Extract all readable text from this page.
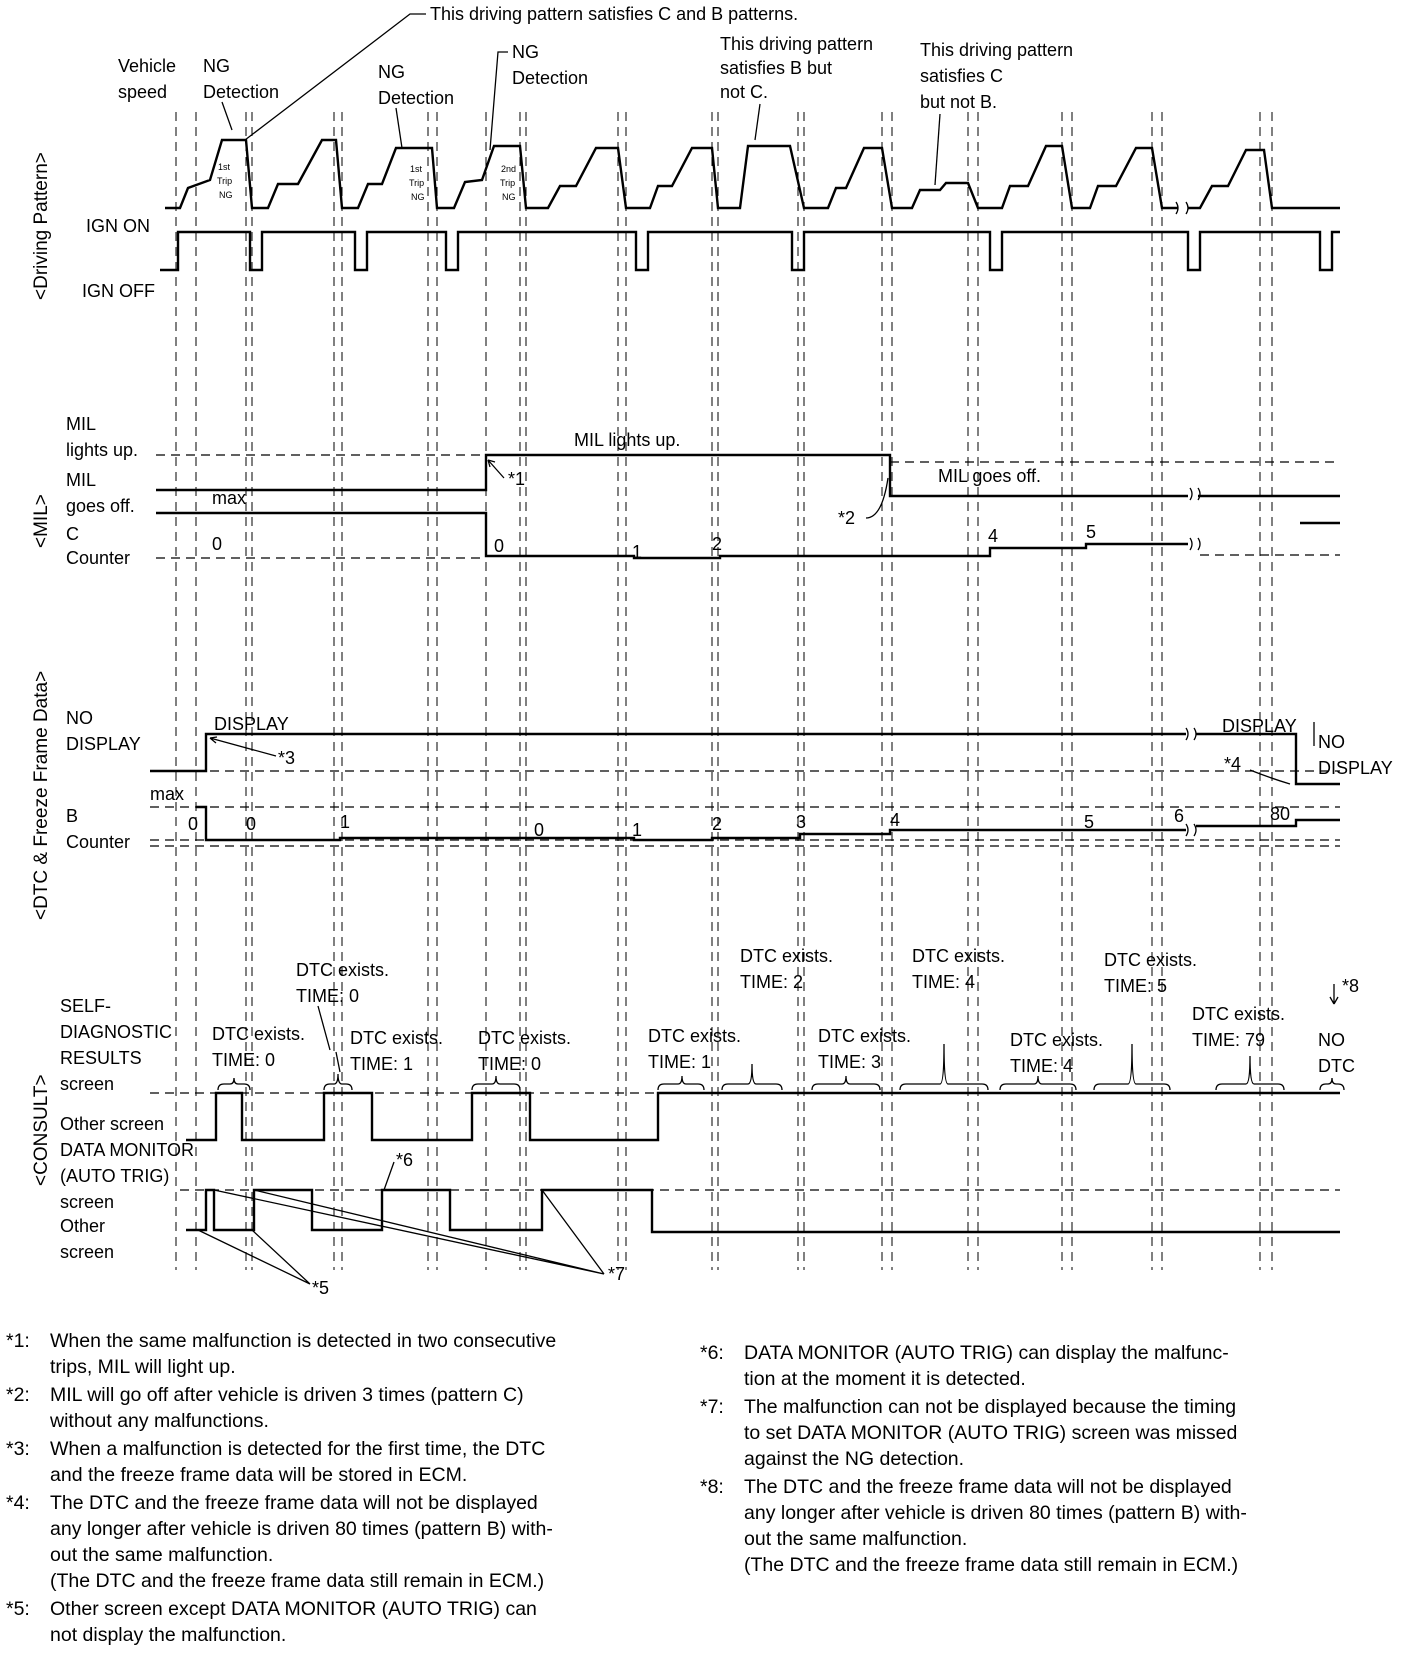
<Driving Pattern>
Vehicle
speed
IGN ON
IGN OFF
NG
Detection
NG
Detection
NG
Detection
This driving pattern satisfies C and B patterns.
This driving pattern
satisfies B but
not C.
This driving pattern
satisfies C
but not B.
1st
Trip
NG
1st
Trip
NG
2nd
Trip
NG
<MIL>
MIL
lights up.
MIL
goes off.
C
Counter
max
MIL lights up.
MIL goes off.
*1
*2
0	0	1	2	4	5
<DTC & Freeze Frame Data> NO
DISPLAY
DISPLAY
*3
max
B
Counter
0	0	1	0	1	2	3	4	5	6	80
DISPLAY
*4
NO
DISPLAY
<CONSULT>
SELF-
DIAGNOSTIC
RESULTS
screen
Other screen
DATA MONITOR
(AUTO TRIG)
screen
Other
screen
DTC exists.
TIME: 0
DTC exists.
TIME: 0
DTC exists.
TIME: 1
DTC exists.
TIME: 0
DTC exists.
TIME: 1
DTC exists.
TIME: 2
DTC exists.
TIME: 3
DTC exists.
TIME: 4
DTC exists.
TIME: 4
DTC exists.
TIME: 5
DTC exists.
TIME: 79
*8
NO
DTC
*5
*6
*7
*1:	When the same malfunction is detected in two consecutive
trips, MIL will light up.
*2:	MIL will go off after vehicle is driven 3 times (pattern C)
without any malfunctions.
*3:	When a malfunction is detected for the first time, the DTC
and the freeze frame data will be stored in ECM.
*4:	The DTC and the freeze frame data will not be displayed
any longer after vehicle is driven 80 times (pattern B) with-
out the same malfunction.
(The DTC and the freeze frame data still remain in ECM.)
*5:	Other screen except DATA MONITOR (AUTO TRIG) can
not display the malfunction.
*6:	DATA MONITOR (AUTO TRIG) can display the malfunc-
tion at the moment it is detected.
*7:	The malfunction can not be displayed because the timing
to set DATA MONITOR (AUTO TRIG) screen was missed
against the NG detection.
*8:	The DTC and the freeze frame data will not be displayed
any longer after vehicle is driven 80 times (pattern B) with-
out the same malfunction.
(The DTC and the freeze frame data still remain in ECM.)
